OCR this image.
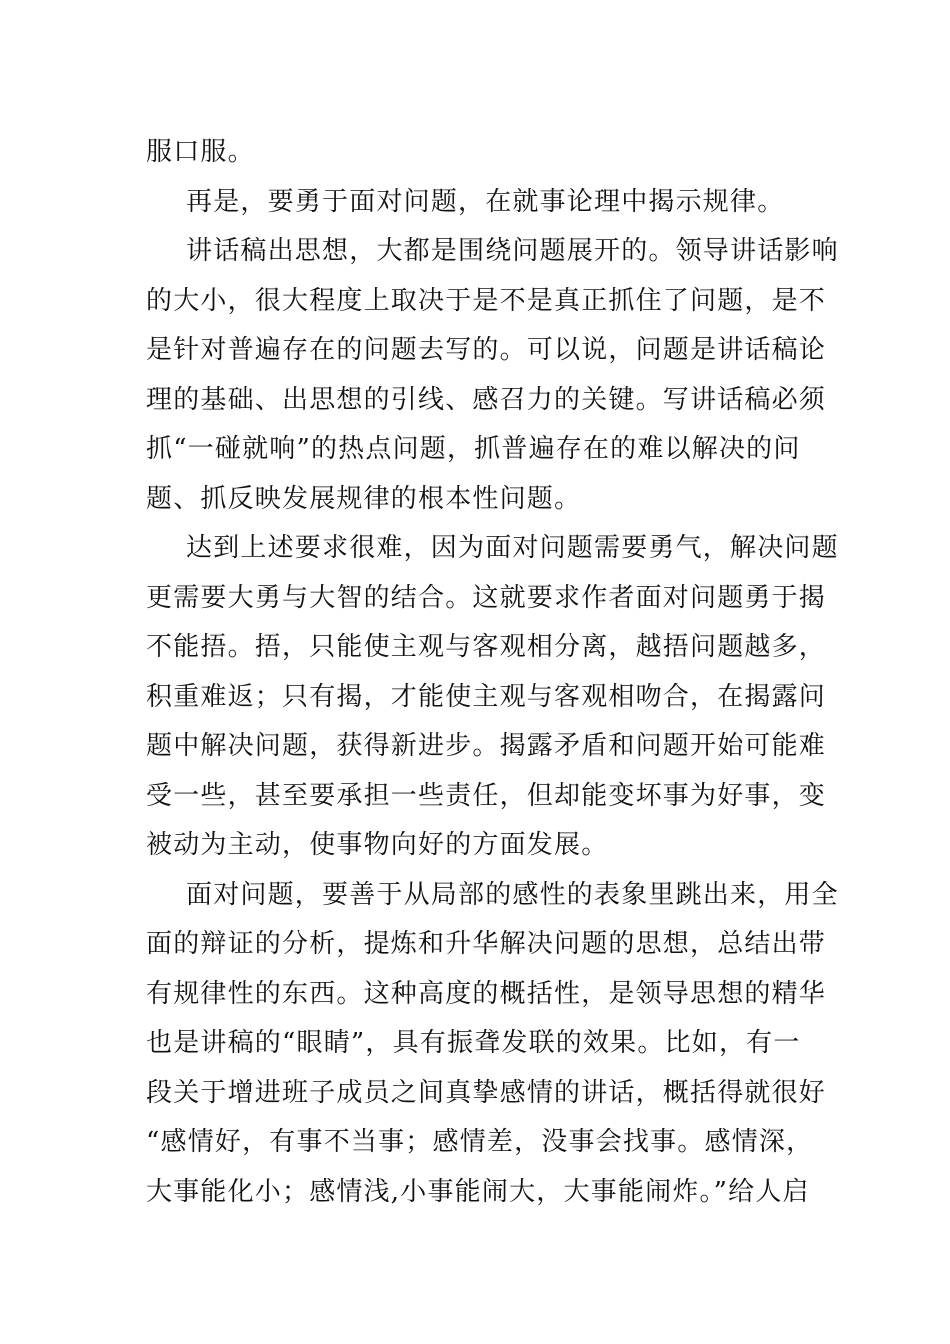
服口服。
再是，要勇于面对问题，在就事论理中揭示规律。
讲话稿出思想，大都是围绕问题展开的。领导讲话影响
的大小，很大程度上取决于是不是真正抓住了问题，是不
是针对普遍存在的问题去写的。可以说，问题是讲话稿论
理的基础、出思想的引线、感召力的关键。写讲话稿必须
抓“一碰就响”的热点问题，抓普遍存在的难以解决的问
题、抓反映发展规律的根本性问题。
达到上述要求很难，因为面对问题需要勇气，解决问题
更需要大勇与大智的结合。这就要求作者面对问题勇于揭
不能捂。捂，只能使主观与客观相分离，越捂问题越多，
积重难返；只有揭，才能使主观与客观相吻合，在揭露问
题中解决问题，获得新进步。揭露矛盾和问题开始可能难
受一些，甚至要承担一些责任，但却能变坏事为好事，变
被动为主动，使事物向好的方面发展。
面对问题，要善于从局部的感性的表象里跳出来，用全
面的辩证的分析，提炼和升华解决问题的思想，总结出带
有规律性的东西。这种高度的概括性，是领导思想的精华
也是讲稿的“眼睛”，具有振聋发联的效果。比如，有一
段关于增进班子成员之间真挚感情的讲话，概括得就很好
“感情好，有事不当事；感情差，没事会找事。感情深，
大事能化小；感情浅,小事能闹大，大事能闹炸。”给人启
